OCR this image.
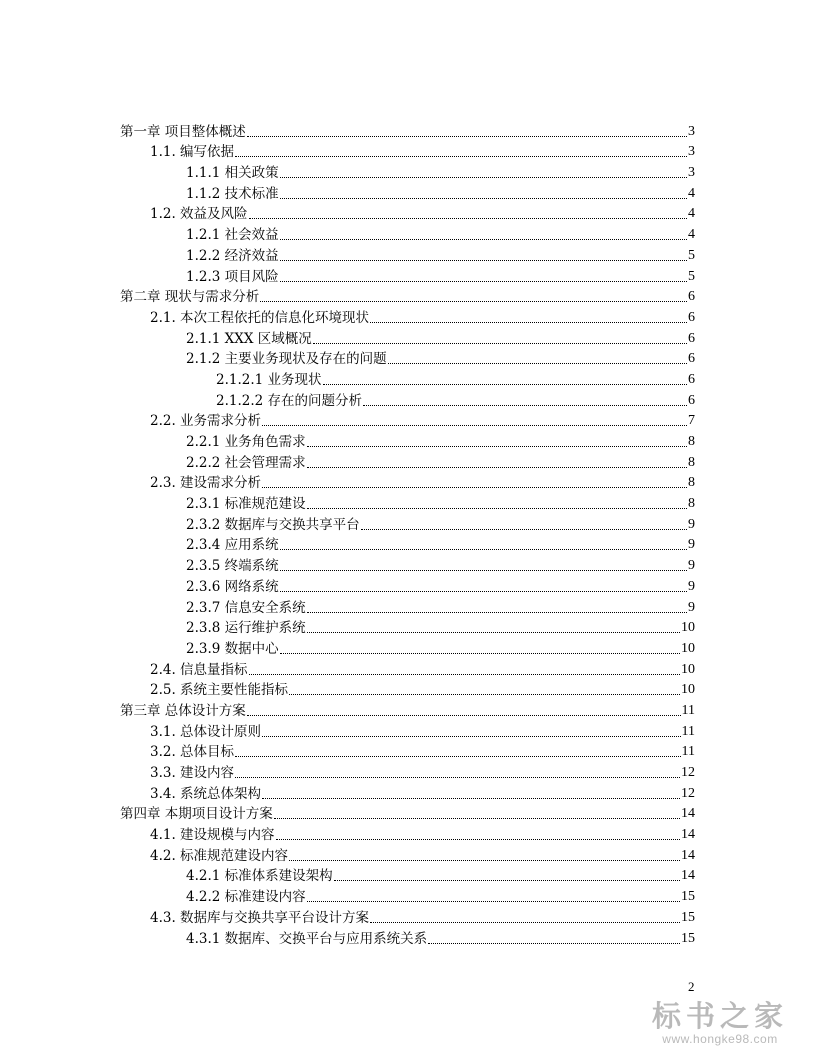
第一章 项目整体概述	3
1.1. 编写依据	3
1.1.1 相关政策	3
1.1.2 技术标准	4
1.2. 效益及风险	4
1.2.1 社会效益	4
1.2.2 经济效益	5
1.2.3 项目风险	5
第二章 现状与需求分析	6
2.1. 本次工程依托的信息化环境现状	6
2.1.1 XXX 区域概况	6
2.1.2 主要业务现状及存在的问题	6
2.1.2.1 业务现状	6
2.1.2.2 存在的问题分析	6
2.2. 业务需求分析	7
2.2.1 业务角色需求	8
2.2.2 社会管理需求	8
2.3. 建设需求分析	8
2.3.1 标准规范建设	8
2.3.2 数据库与交换共享平台	9
2.3.4 应用系统	9
2.3.5 终端系统	9
2.3.6 网络系统	9
2.3.7 信息安全系统	9
2.3.8 运行维护系统	10
2.3.9 数据中心	10
2.4. 信息量指标	10
2.5. 系统主要性能指标	10
第三章 总体设计方案	11
3.1. 总体设计原则	11
3.2. 总体目标	11
3.3. 建设内容	12
3.4. 系统总体架构	12
第四章 本期项目设计方案	14
4.1. 建设规模与内容	14
4.2. 标准规范建设内容	14
4.2.1 标准体系建设架构	14
4.2.2 标准建设内容	15
4.3. 数据库与交换共享平台设计方案	15
4.3.1 数据库、交换平台与应用系统关系	15
2
标书之家
www.hongke98.com
